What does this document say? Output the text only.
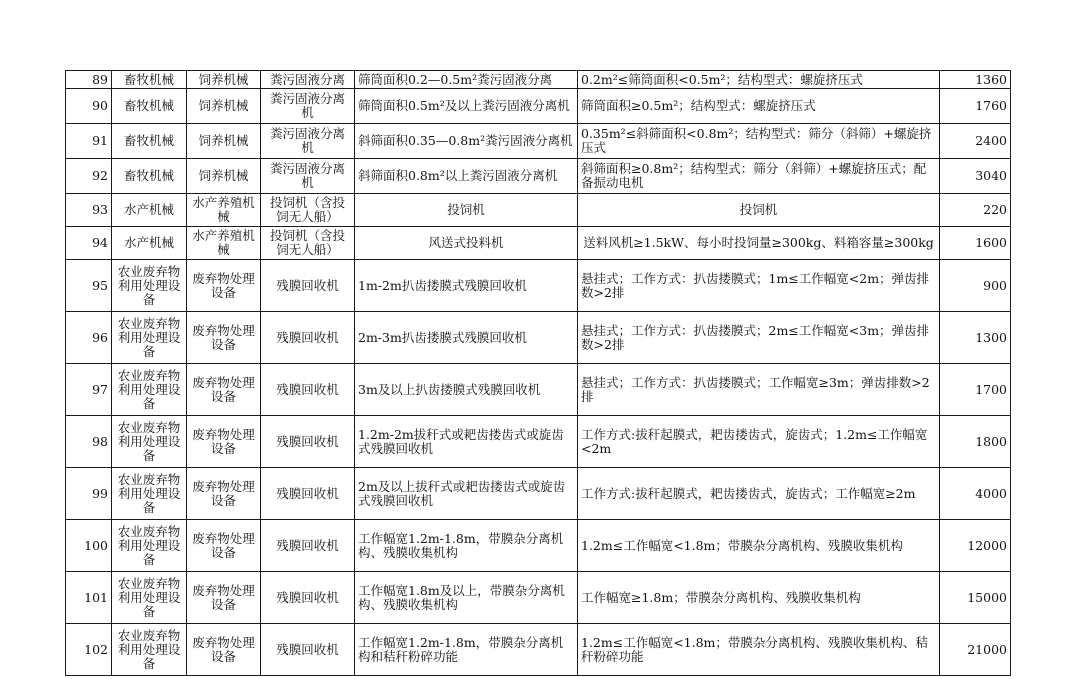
89	畜牧机械	饲养机械	粪污固液分离	筛筒面积0.2—0.5m²粪污固液分离	0.2m²≤筛筒面积<0.5m²；结构型式：螺旋挤压式	1360

90	畜牧机械	饲养机械	粪污固液分离机	筛筒面积0.5m²及以上粪污固液分离机	筛筒面积≥0.5m²；结构型式：螺旋挤压式	1760

91	畜牧机械	饲养机械	粪污固液分离机	斜筛面积0.35—0.8m²粪污固液分离机	0.35m²≤斜筛面积<0.8m²；结构型式：筛分（斜筛）+螺旋挤压式	2400

92	畜牧机械	饲养机械	粪污固液分离机	斜筛面积0.8m²以上粪污固液分离机	斜筛面积≥0.8m²；结构型式：筛分（斜筛）+螺旋挤压式；配备振动电机	3040

93	水产机械	水产养殖机械	投饲机（含投饲无人船）	投饲机	投饲机	220

94	水产机械	水产养殖机械	投饲机（含投饲无人船）	风送式投料机	送料风机≥1.5kW、每小时投饲量≥300kg、料箱容量≥300kg	1600

95	农业废弃物利用处理设备	废弃物处理设备	残膜回收机	1m-2m扒齿搂膜式残膜回收机	悬挂式；工作方式：扒齿搂膜式；1m≤工作幅宽<2m；弹齿排数>2排	900

96	农业废弃物利用处理设备	废弃物处理设备	残膜回收机	2m-3m扒齿搂膜式残膜回收机	悬挂式；工作方式：扒齿搂膜式；2m≤工作幅宽<3m；弹齿排数>2排	1300

97	农业废弃物利用处理设备	废弃物处理设备	残膜回收机	3m及以上扒齿搂膜式残膜回收机	悬挂式；工作方式：扒齿搂膜式；工作幅宽≥3m；弹齿排数>2排	1700

98	农业废弃物利用处理设备	废弃物处理设备	残膜回收机	1.2m-2m拔秆式或耙齿搂齿式或旋齿式残膜回收机	工作方式:拔秆起膜式，耙齿搂齿式，旋齿式；1.2m≤工作幅宽<2m	1800

99	农业废弃物利用处理设备	废弃物处理设备	残膜回收机	2m及以上拔秆式或耙齿搂齿式或旋齿式残膜回收机	工作方式:拔秆起膜式，耙齿搂齿式，旋齿式；工作幅宽≥2m	4000

100	农业废弃物利用处理设备	废弃物处理设备	残膜回收机	工作幅宽1.2m-1.8m，带膜杂分离机构、残膜收集机构	1.2m≤工作幅宽<1.8m；带膜杂分离机构、残膜收集机构	12000

101	农业废弃物利用处理设备	废弃物处理设备	残膜回收机	工作幅宽1.8m及以上，带膜杂分离机构、残膜收集机构	工作幅宽≥1.8m；带膜杂分离机构、残膜收集机构	15000

102	农业废弃物利用处理设备	废弃物处理设备	残膜回收机	工作幅宽1.2m-1.8m，带膜杂分离机构和秸秆粉碎功能	1.2m≤工作幅宽<1.8m；带膜杂分离机构、残膜收集机构、秸秆粉碎功能	21000
